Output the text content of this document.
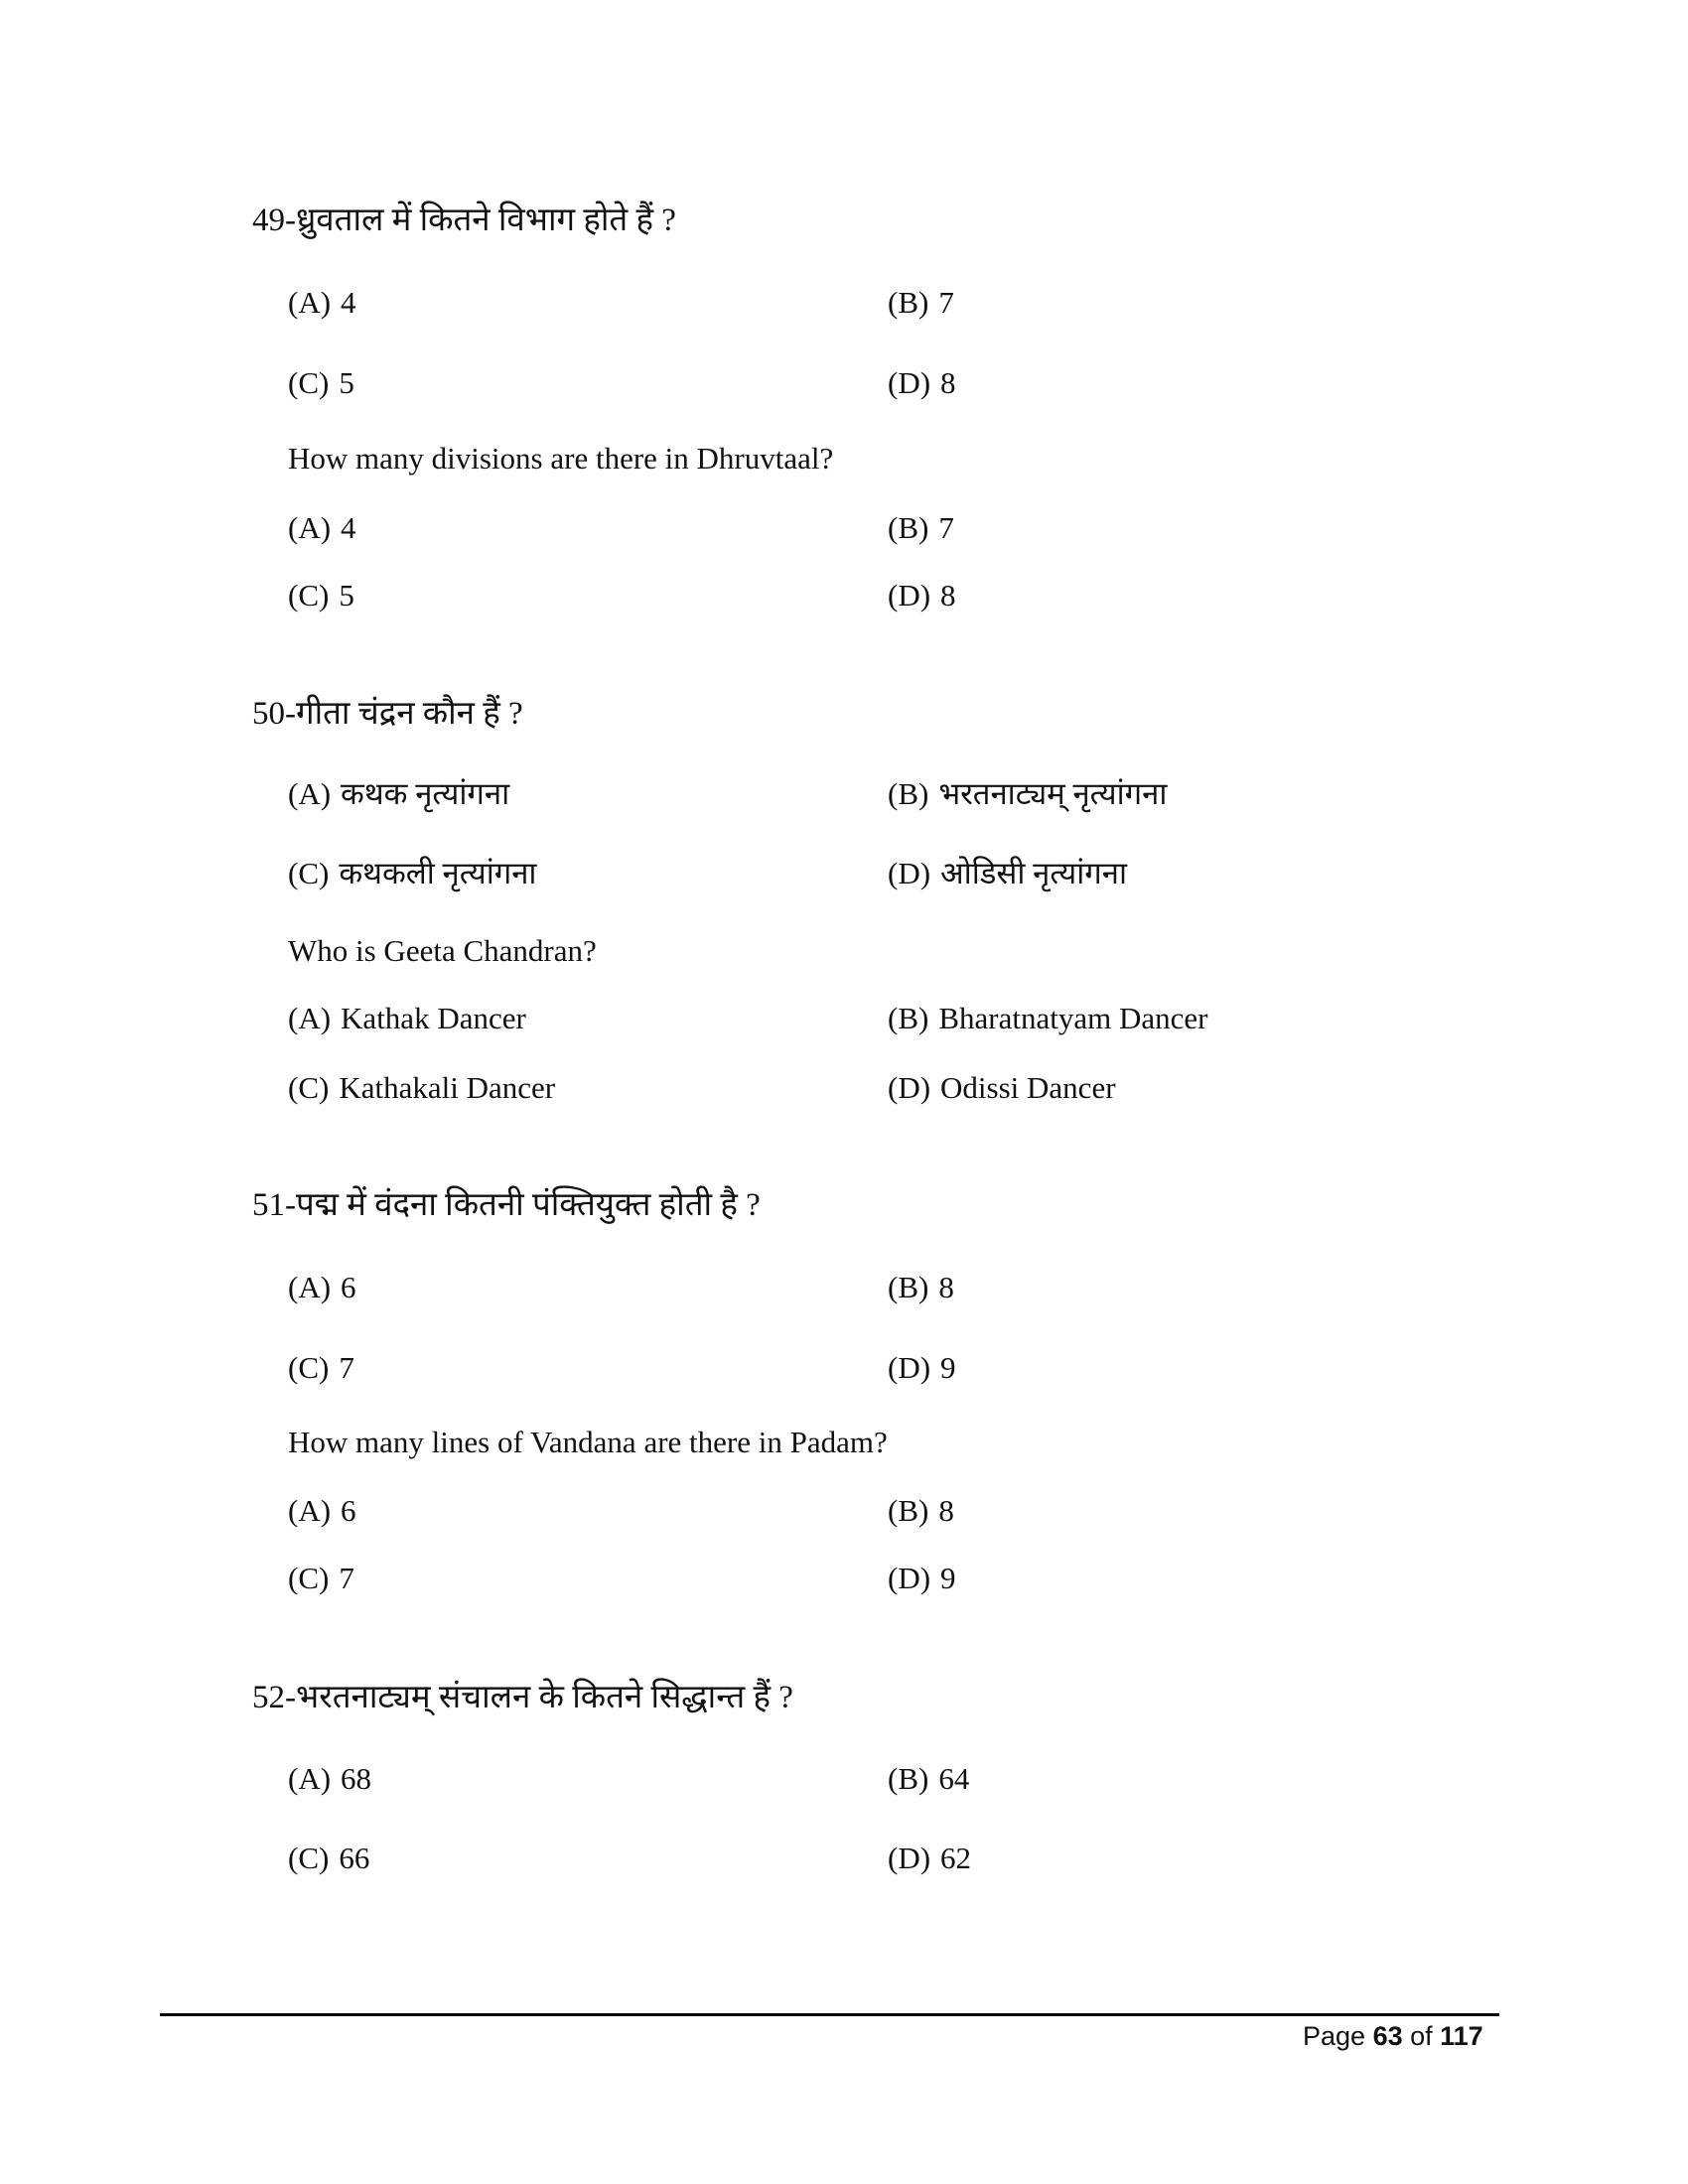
49-ध्रुवताल में कितने विभाग होते हैं ?
(A) 4	(B) 7
(C) 5	(D) 8
How many divisions are there in Dhruvtaal?
(A) 4	(B) 7
(C) 5	(D) 8
50-गीता चंद्रन कौन हैं ?
(A) कथक नृत्यांगना	(B) भरतनाट्यम् नृत्यांगना
(C) कथकली नृत्यांगना	(D) ओडिसी नृत्यांगना
Who is Geeta Chandran?
(A) Kathak Dancer	(B) Bharatnatyam Dancer
(C) Kathakali Dancer	(D) Odissi Dancer
51-पद्म में वंदना कितनी पंक्तियुक्त होती है ?
(A) 6	(B) 8
(C) 7	(D) 9
How many lines of Vandana are there in Padam?
(A) 6	(B) 8
(C) 7	(D) 9
52-भरतनाट्यम् संचालन के कितने सिद्धान्त हैं ?
(A) 68	(B) 64
(C) 66	(D) 62
Page 63 of 117
